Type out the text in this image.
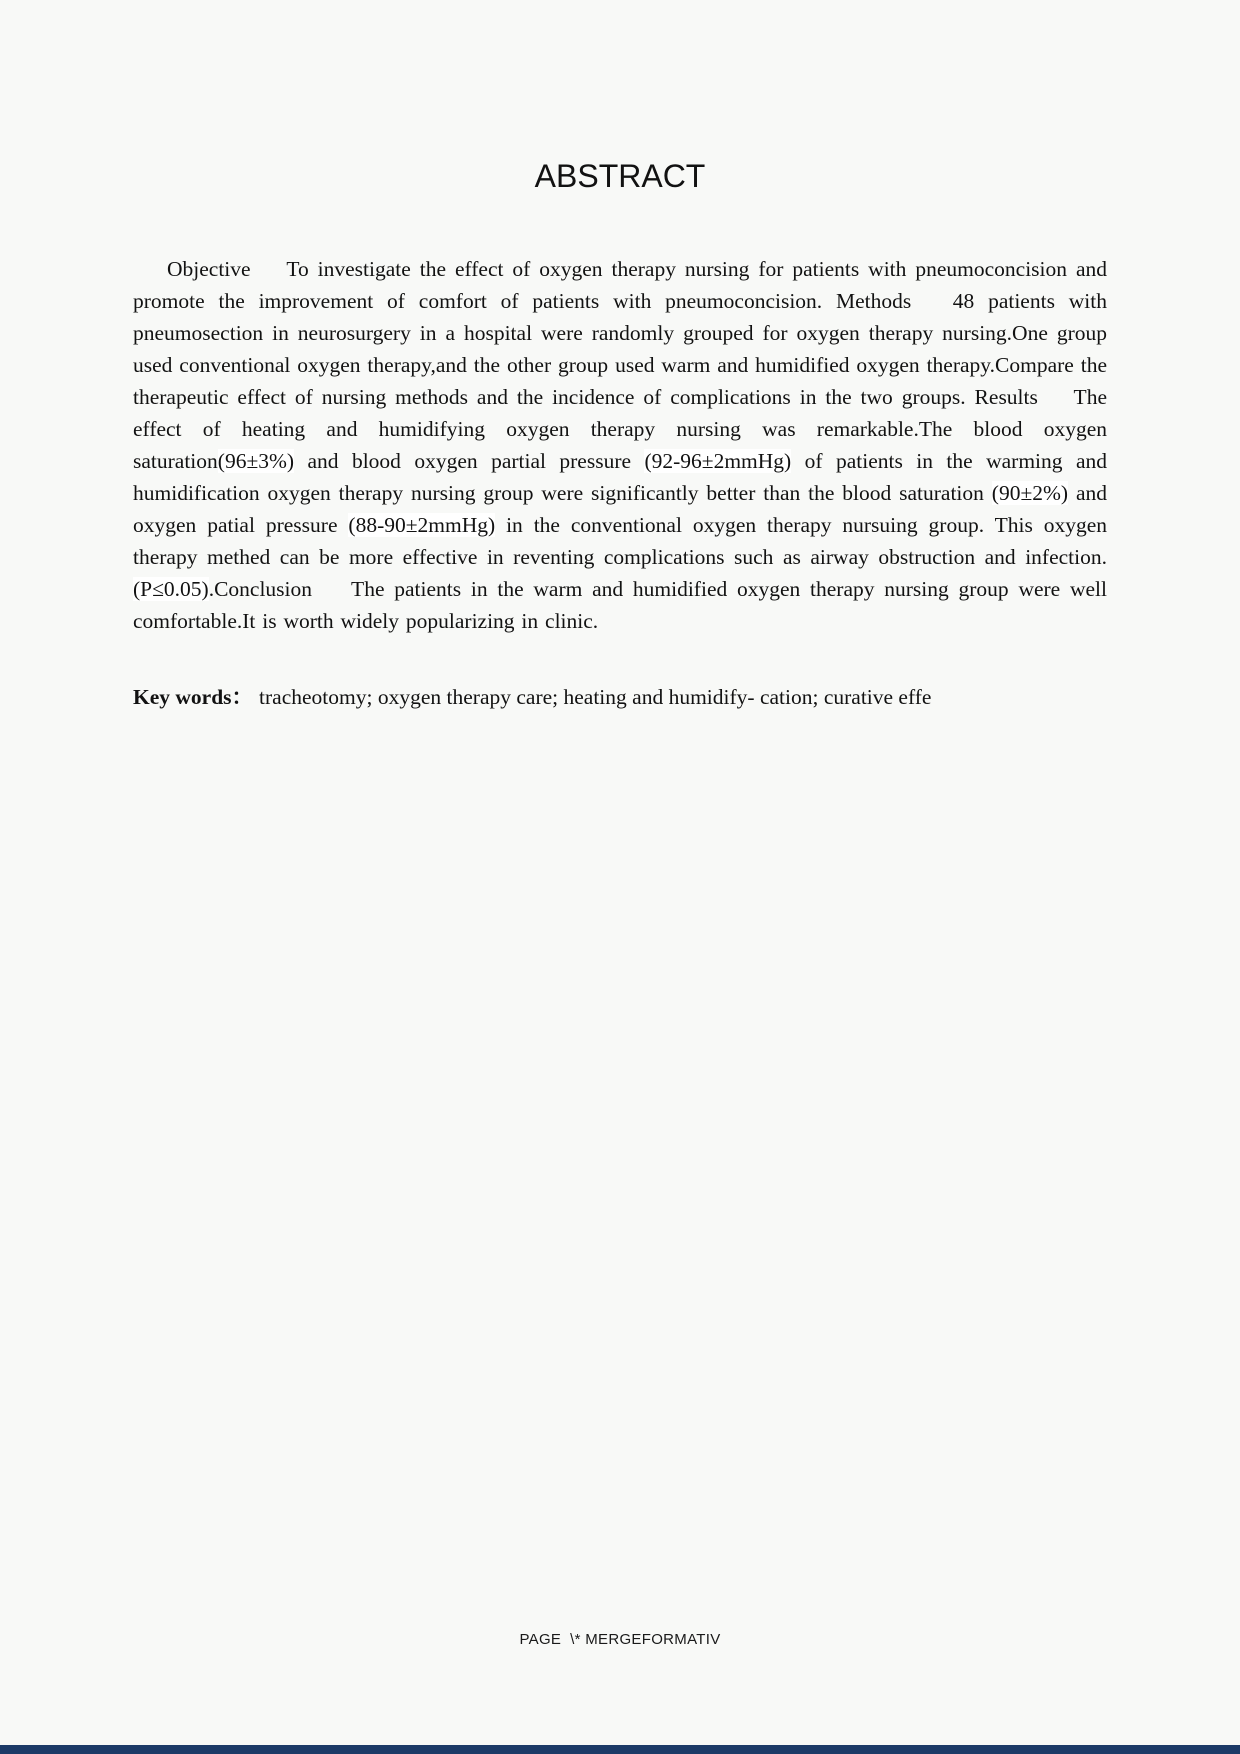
ABSTRACT

Objective    To investigate the effect of oxygen therapy nursing for patients with pneumoconcision and promote the improvement of comfort of patients with pneumoconcision. Methods   48 patients with pneumosection in neurosurgery in a hospital were randomly grouped for oxygen therapy nursing.One group used conventional oxygen therapy,and the other group used warm and humidified oxygen therapy.Compare the therapeutic effect of nursing methods and the incidence of complications in the two groups. Results    The effect of heating and humidifying oxygen therapy nursing was remarkable.The blood oxygen saturation(96±3%) and blood oxygen partial pressure (92-96±2mmHg) of patients in the warming and humidification oxygen therapy nursing group were significantly better than the blood saturation (90±2%) and oxygen patial pressure (88-90±2mmHg) in the conventional oxygen therapy nursuing group. This oxygen therapy methed can be more effective in reventing complications such as airway obstruction and infection.(P≤0.05).Conclusion    The patients in the warm and humidified oxygen therapy nursing group were well comfortable.It is worth widely popularizing in clinic.

Key words： tracheotomy; oxygen therapy care; heating and humidify- cation; curative effe

PAGE  \* MERGEFORMATIV
